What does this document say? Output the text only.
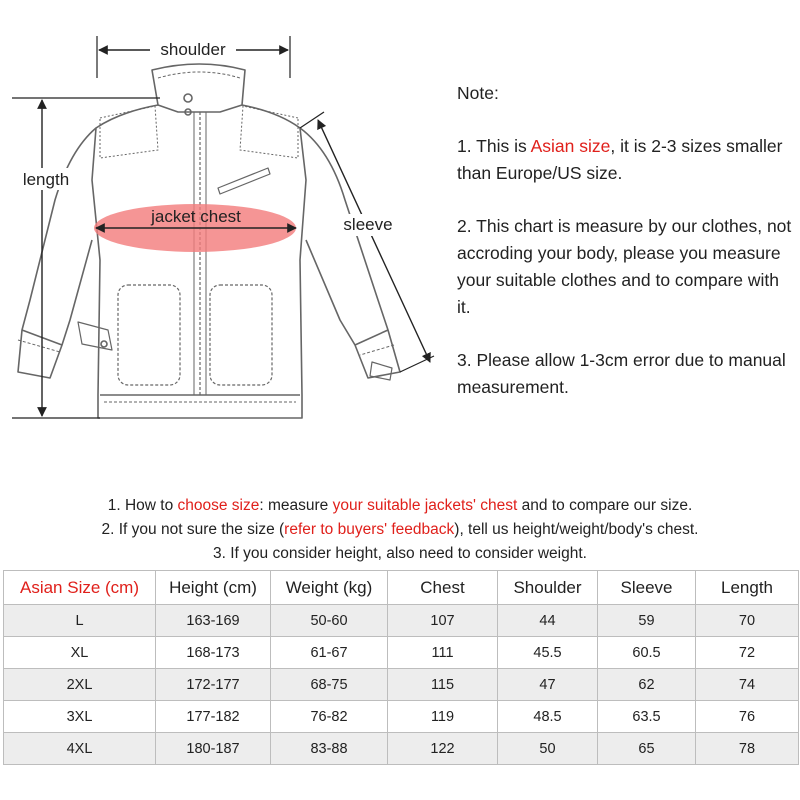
shoulder
length
jacket chest	sleeve

Note:

1. This is Asian size, it is 2-3 sizes smaller than Europe/US size.

2. This chart is measure by our clothes, not accroding your body, please you measure your suitable clothes and to compare with it.

3. Please allow 1-3cm error due to manual measurement.

1. How to choose size: measure your suitable jackets' chest and to compare our size.

2. If you not sure the size (refer to buyers' feedback), tell us height/weight/body's chest.

3. If you consider height, also need to consider weight.

Asian Size (cm)	Height (cm)	Weight (kg)	Chest	Shoulder	Sleeve	Length
L	163-169	50-60	107	44	59	70
XL	168-173	61-67	111	45.5	60.5	72
2XL	172-177	68-75	115	47	62	74
3XL	177-182	76-82	119	48.5	63.5	76
4XL	180-187	83-88	122	50	65	78
